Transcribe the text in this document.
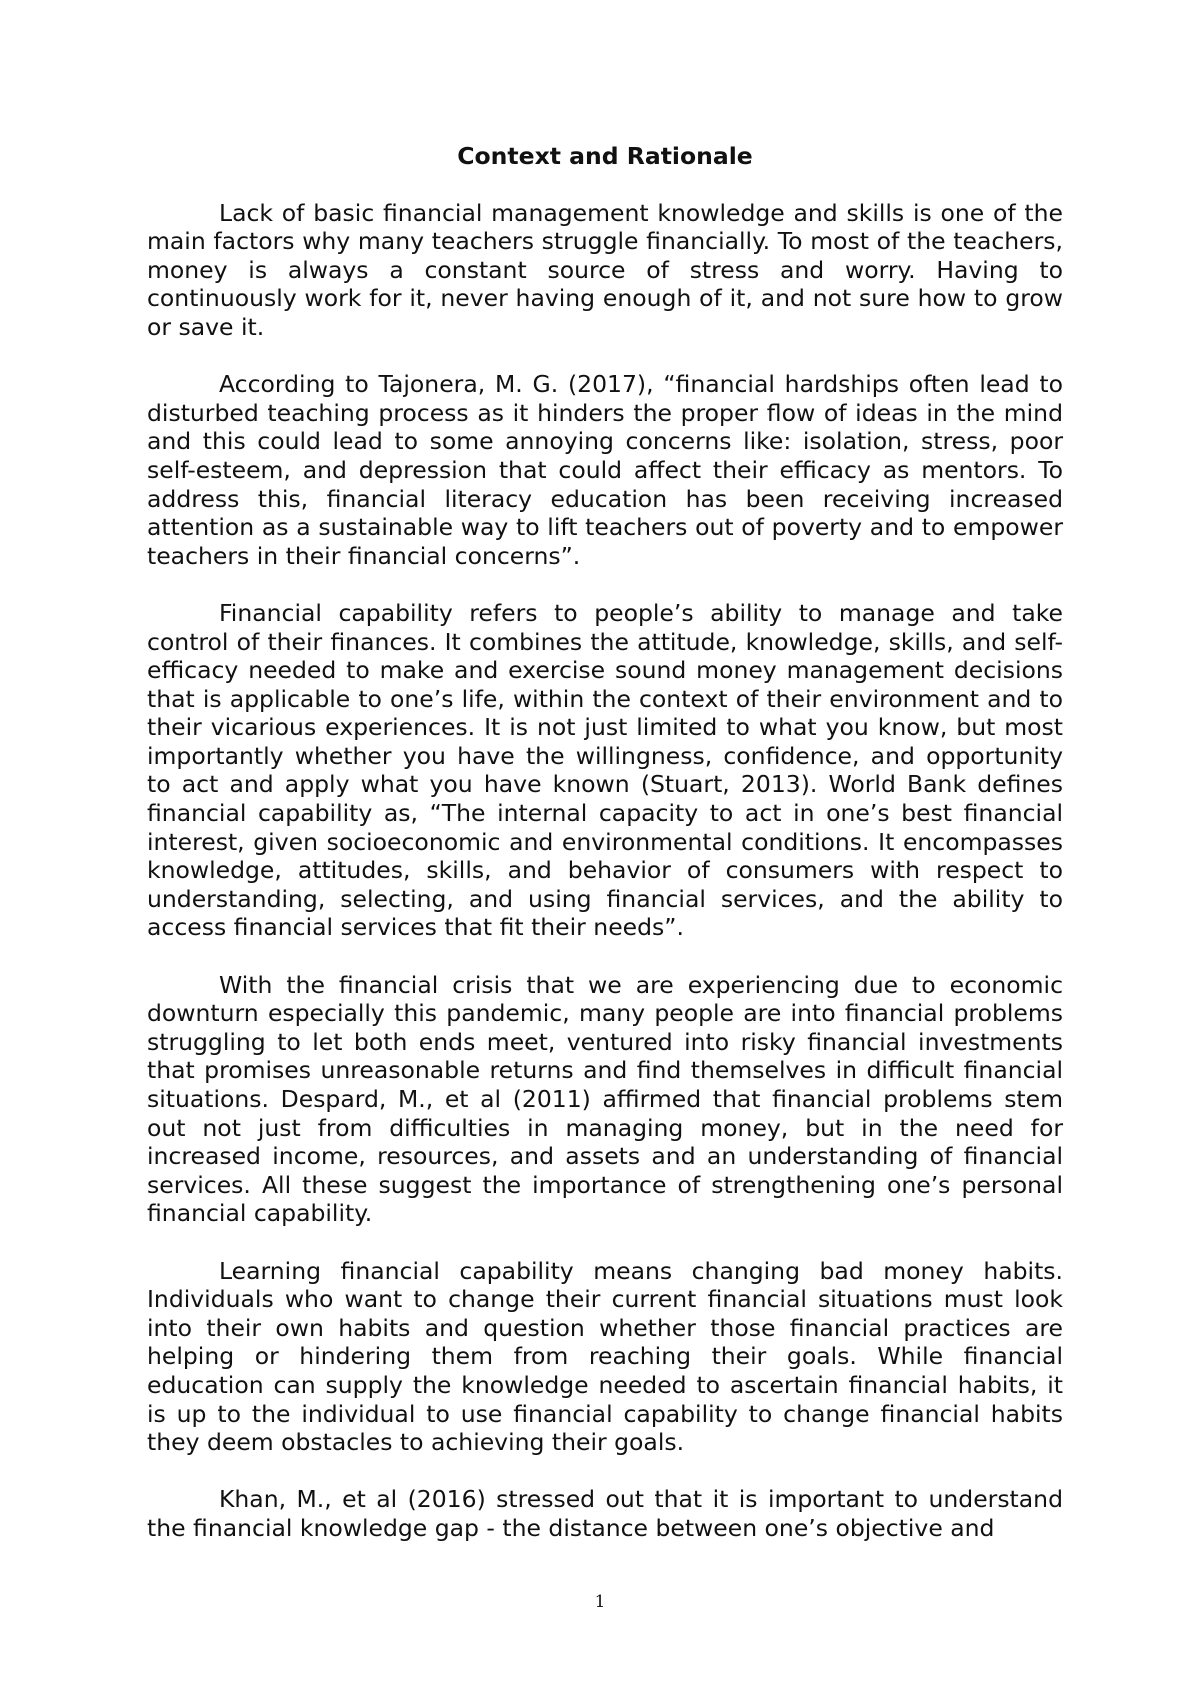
Context and Rationale

Lack of basic financial management knowledge and skills is one of the main factors why many teachers struggle financially. To most of the teachers, money is always a constant source of stress and worry. Having to continuously work for it, never having enough of it, and not sure how to grow or save it.

According to Tajonera, M. G. (2017), “financial hardships often lead to disturbed teaching process as it hinders the proper flow of ideas in the mind and this could lead to some annoying concerns like: isolation, stress, poor self-esteem, and depression that could affect their efficacy as mentors. To address this, financial literacy education has been receiving increased attention as a sustainable way to lift teachers out of poverty and to empower teachers in their financial concerns”.

Financial capability refers to people’s ability to manage and take control of their finances. It combines the attitude, knowledge, skills, and self-efficacy needed to make and exercise sound money management decisions that is applicable to one’s life, within the context of their environment and to their vicarious experiences. It is not just limited to what you know, but most importantly whether you have the willingness, confidence, and opportunity to act and apply what you have known (Stuart, 2013). World Bank defines financial capability as, “The internal capacity to act in one’s best financial interest, given socioeconomic and environmental conditions. It encompasses knowledge, attitudes, skills, and behavior of consumers with respect to understanding, selecting, and using financial services, and the ability to access financial services that fit their needs”.

With the financial crisis that we are experiencing due to economic downturn especially this pandemic, many people are into financial problems struggling to let both ends meet, ventured into risky financial investments that promises unreasonable returns and find themselves in difficult financial situations. Despard, M., et al (2011) affirmed that financial problems stem out not just from difficulties in managing money, but in the need for increased income, resources, and assets and an understanding of financial services. All these suggest the importance of strengthening one’s personal financial capability.

Learning financial capability means changing bad money habits. Individuals who want to change their current financial situations must look into their own habits and question whether those financial practices are helping or hindering them from reaching their goals. While financial education can supply the knowledge needed to ascertain financial habits, it is up to the individual to use financial capability to change financial habits they deem obstacles to achieving their goals.

Khan, M., et al (2016) stressed out that it is important to understand the financial knowledge gap - the distance between one’s objective and

1
